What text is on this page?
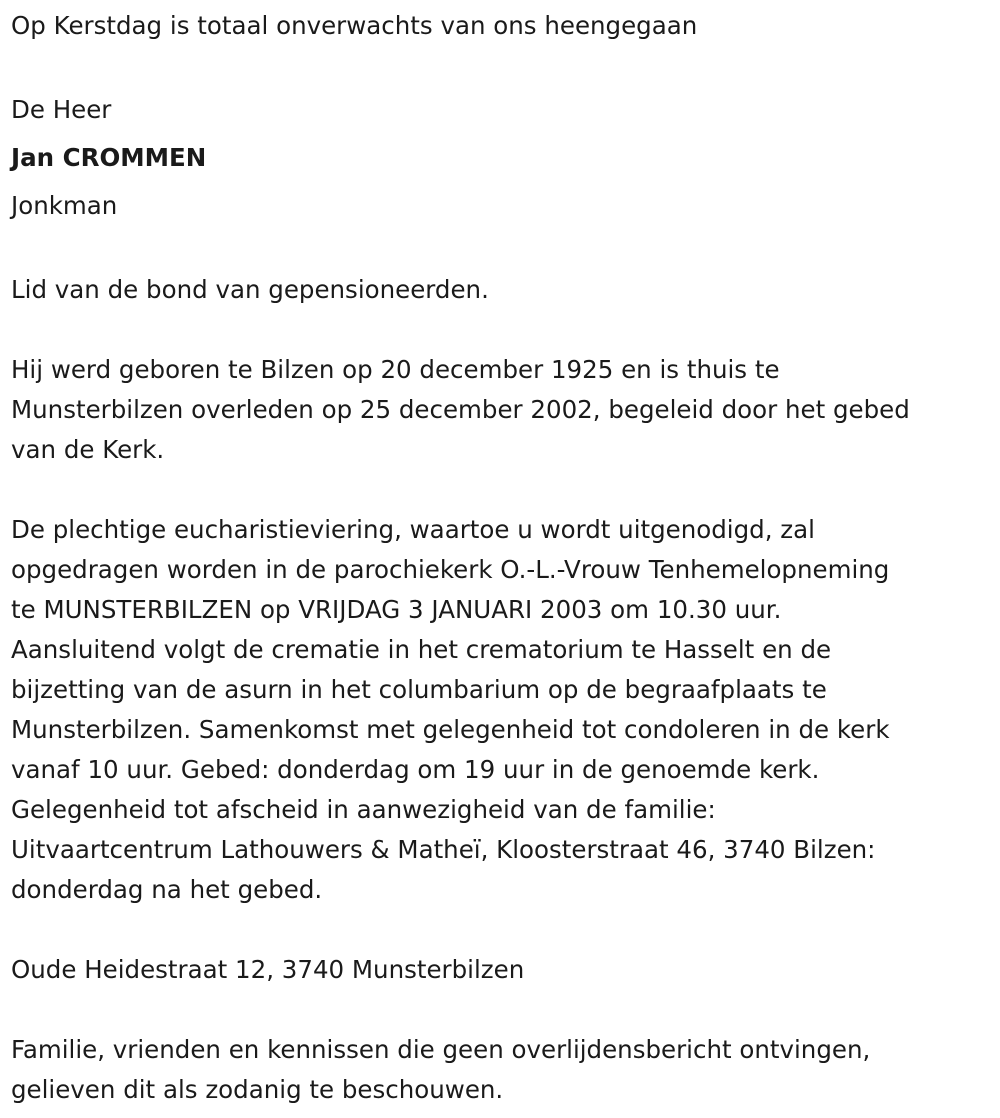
Op Kerstdag is totaal onverwachts van ons heengegaan
De Heer
Jan CROMMEN
Jonkman
Lid van de bond van gepensioneerden.
Hij werd geboren te Bilzen op 20 december 1925 en is thuis te
Munsterbilzen overleden op 25 december 2002, begeleid door het gebed
van de Kerk.
De plechtige eucharistieviering, waartoe u wordt uitgenodigd, zal
opgedragen worden in de parochiekerk O.-L.-Vrouw Tenhemelopneming
te MUNSTERBILZEN op VRIJDAG 3 JANUARI 2003 om 10.30 uur.
Aansluitend volgt de crematie in het crematorium te Hasselt en de
bijzetting van de asurn in het columbarium op de begraafplaats te
Munsterbilzen. Samenkomst met gelegenheid tot condoleren in de kerk
vanaf 10 uur. Gebed: donderdag om 19 uur in de genoemde kerk.
Gelegenheid tot afscheid in aanwezigheid van de familie:
Uitvaartcentrum Lathouwers & Matheï, Kloosterstraat 46, 3740 Bilzen:
donderdag na het gebed.
Oude Heidestraat 12, 3740 Munsterbilzen
Familie, vrienden en kennissen die geen overlijdensbericht ontvingen,
gelieven dit als zodanig te beschouwen.
